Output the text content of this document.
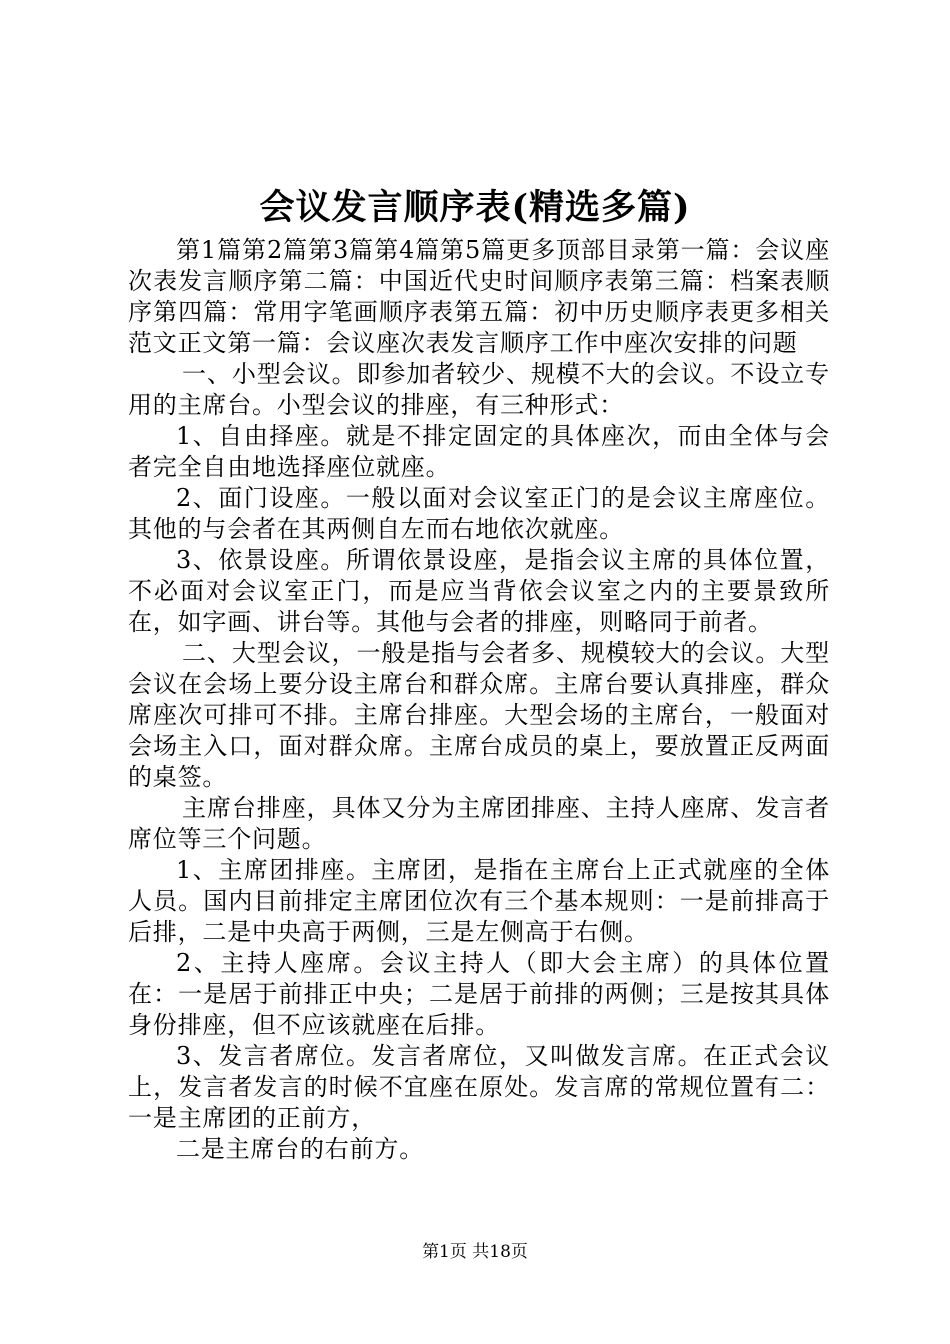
会议发言顺序表(精选多篇)

第1篇第2篇第3篇第4篇第5篇更多顶部目录第一篇：会议座次表发言顺序第二篇：中国近代史时间顺序表第三篇：档案表顺序第四篇：常用字笔画顺序表第五篇：初中历史顺序表更多相关范文正文第一篇：会议座次表发言顺序工作中座次安排的问题

一、小型会议。即参加者较少、规模不大的会议。不设立专用的主席台。小型会议的排座，有三种形式：

1、自由择座。就是不排定固定的具体座次，而由全体与会者完全自由地选择座位就座。

2、面门设座。一般以面对会议室正门的是会议主席座位。其他的与会者在其两侧自左而右地依次就座。

3、依景设座。所谓依景设座，是指会议主席的具体位置，不必面对会议室正门，而是应当背依会议室之内的主要景致所在，如字画、讲台等。其他与会者的排座，则略同于前者。

二、大型会议，一般是指与会者多、规模较大的会议。大型会议在会场上要分设主席台和群众席。主席台要认真排座，群众席座次可排可不排。主席台排座。大型会场的主席台，一般面对会场主入口，面对群众席。主席台成员的桌上，要放置正反两面的桌签。

主席台排座，具体又分为主席团排座、主持人座席、发言者席位等三个问题。

1、主席团排座。主席团，是指在主席台上正式就座的全体人员。国内目前排定主席团位次有三个基本规则：一是前排高于后排，二是中央高于两侧，三是左侧高于右侧。

2、主持人座席。会议主持人（即大会主席）的具体位置在：一是居于前排正中央；二是居于前排的两侧；三是按其具体身份排座，但不应该就座在后排。

3、发言者席位。发言者席位，又叫做发言席。在正式会议上，发言者发言的时候不宜座在原处。发言席的常规位置有二：一是主席团的正前方，

二是主席台的右前方。

第1页 共18页
